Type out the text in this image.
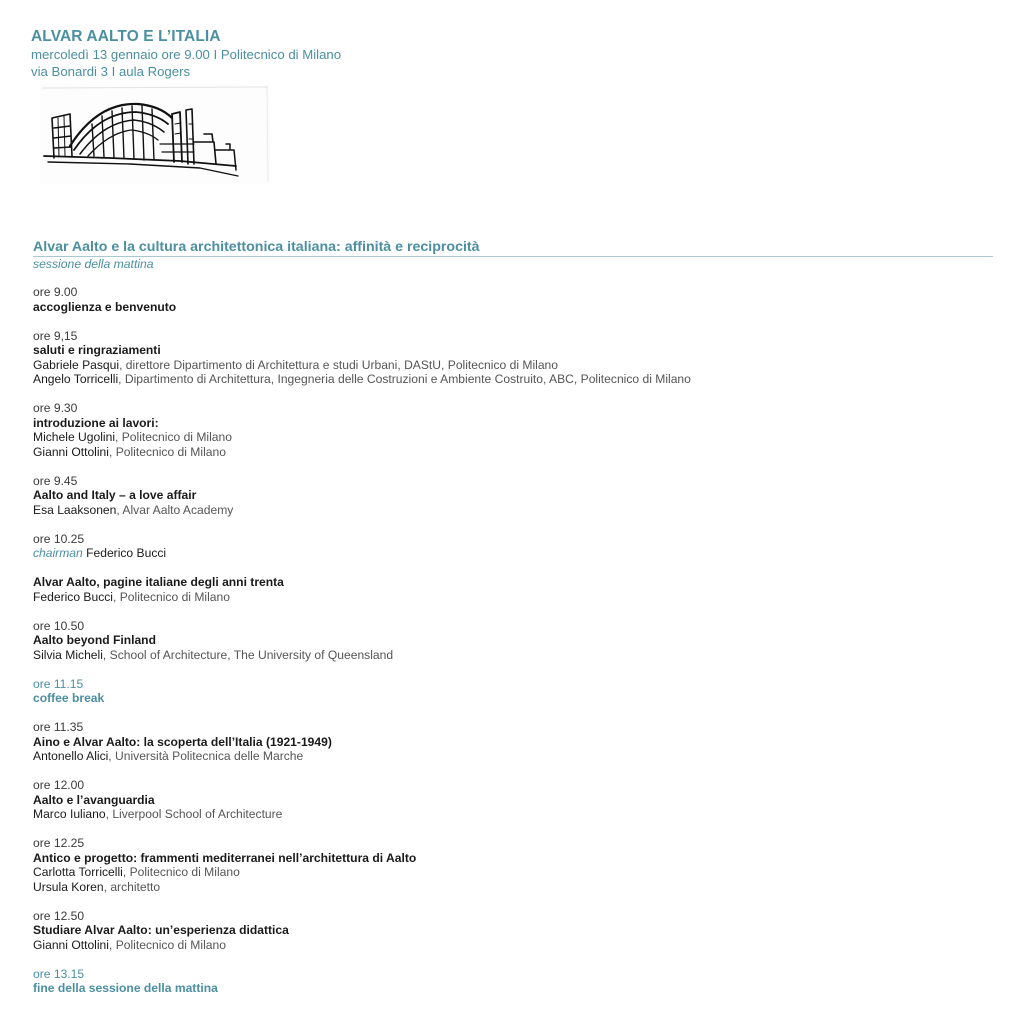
ALVAR AALTO E L’ITALIA
mercoledì 13 gennaio ore 9.00 I Politecnico di Milano
via Bonardi 3 I aula Rogers
Alvar Aalto e la cultura architettonica italiana: affinità e reciprocità
sessione della mattina
ore 9.00
accoglienza e benvenuto
ore 9,15
saluti e ringraziamenti
Gabriele Pasqui, direttore Dipartimento di Architettura e studi Urbani, DAStU, Politecnico di Milano
Angelo Torricelli, Dipartimento di Architettura, Ingegneria delle Costruzioni e Ambiente Costruito, ABC, Politecnico di Milano
ore 9.30
introduzione ai lavori:
Michele Ugolini, Politecnico di Milano
Gianni Ottolini, Politecnico di Milano
ore 9.45
Aalto and Italy – a love affair
Esa Laaksonen, Alvar Aalto Academy
ore 10.25
chairman Federico Bucci
Alvar Aalto, pagine italiane degli anni trenta
Federico Bucci, Politecnico di Milano
ore 10.50
Aalto beyond Finland
Silvia Micheli, School of Architecture, The University of Queensland
ore 11.15
coffee break
ore 11.35
Aino e Alvar Aalto: la scoperta dell’Italia (1921-1949)
Antonello Alici, Università Politecnica delle Marche
ore 12.00
Aalto e l’avanguardia
Marco Iuliano, Liverpool School of Architecture
ore 12.25
Antico e progetto: frammenti mediterranei nell’architettura di Aalto
Carlotta Torricelli, Politecnico di Milano
Ursula Koren, architetto
ore 12.50
Studiare Alvar Aalto: un’esperienza didattica
Gianni Ottolini, Politecnico di Milano
ore 13.15
fine della sessione della mattina
